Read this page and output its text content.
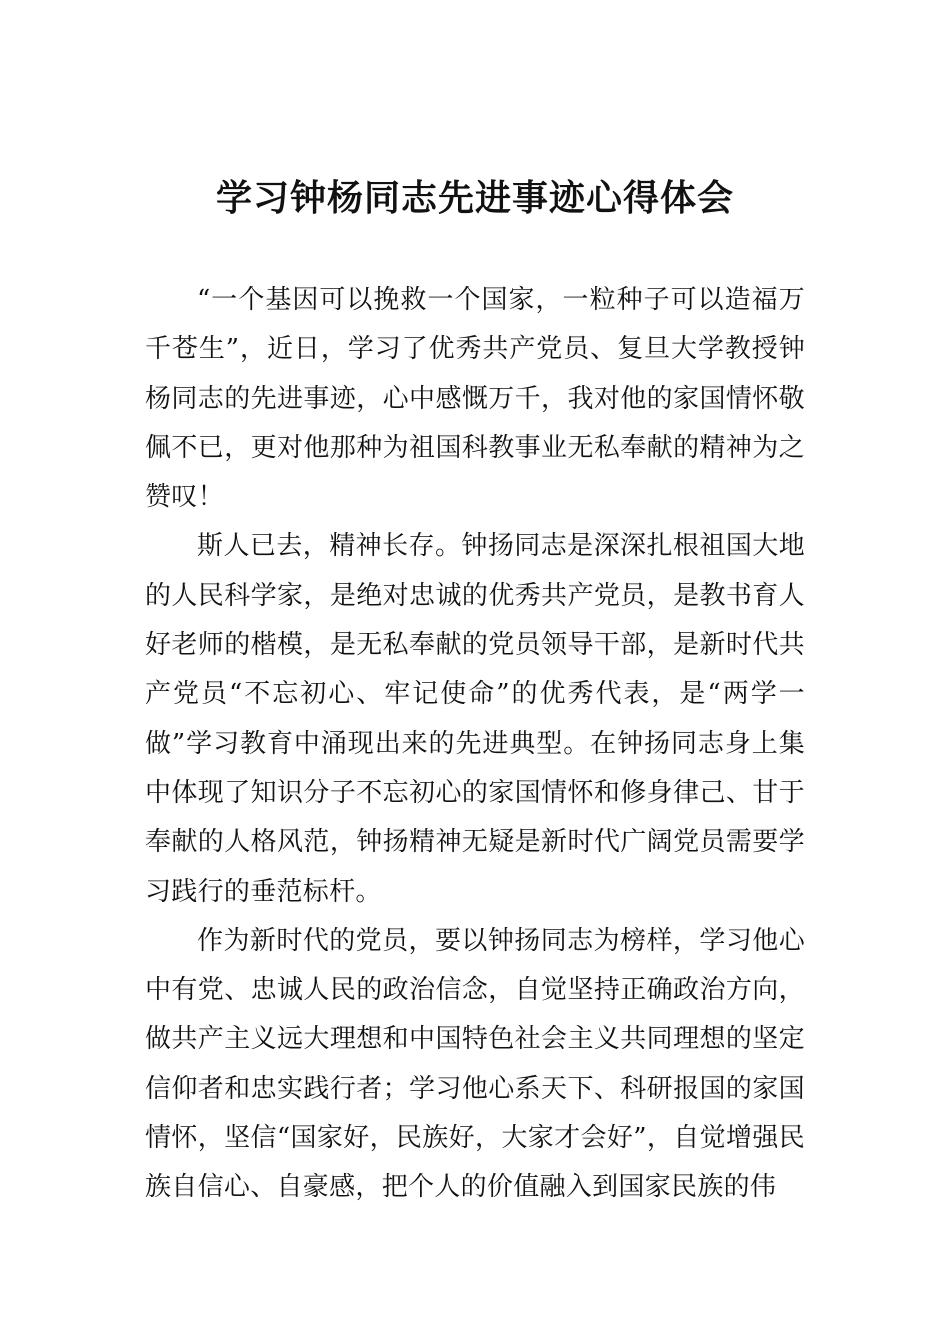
学习钟杨同志先进事迹心得体会

“一个基因可以挽救一个国家，一粒种子可以造福万千苍生”，近日，学习了优秀共产党员、复旦大学教授钟杨同志的先进事迹，心中感慨万千，我对他的家国情怀敬佩不已，更对他那种为祖国科教事业无私奉献的精神为之赞叹！

斯人已去，精神长存。钟扬同志是深深扎根祖国大地的人民科学家，是绝对忠诚的优秀共产党员，是教书育人好老师的楷模，是无私奉献的党员领导干部，是新时代共产党员“不忘初心、牢记使命”的优秀代表，是“两学一做”学习教育中涌现出来的先进典型。在钟扬同志身上集中体现了知识分子不忘初心的家国情怀和修身律己、甘于奉献的人格风范，钟扬精神无疑是新时代广阔党员需要学习践行的垂范标杆。

作为新时代的党员，要以钟扬同志为榜样，学习他心中有党、忠诚人民的政治信念，自觉坚持正确政治方向，做共产主义远大理想和中国特色社会主义共同理想的坚定信仰者和忠实践行者；学习他心系天下、科研报国的家国情怀，坚信“国家好，民族好，大家才会好”，自觉增强民族自信心、自豪感，把个人的价值融入到国家民族的伟
